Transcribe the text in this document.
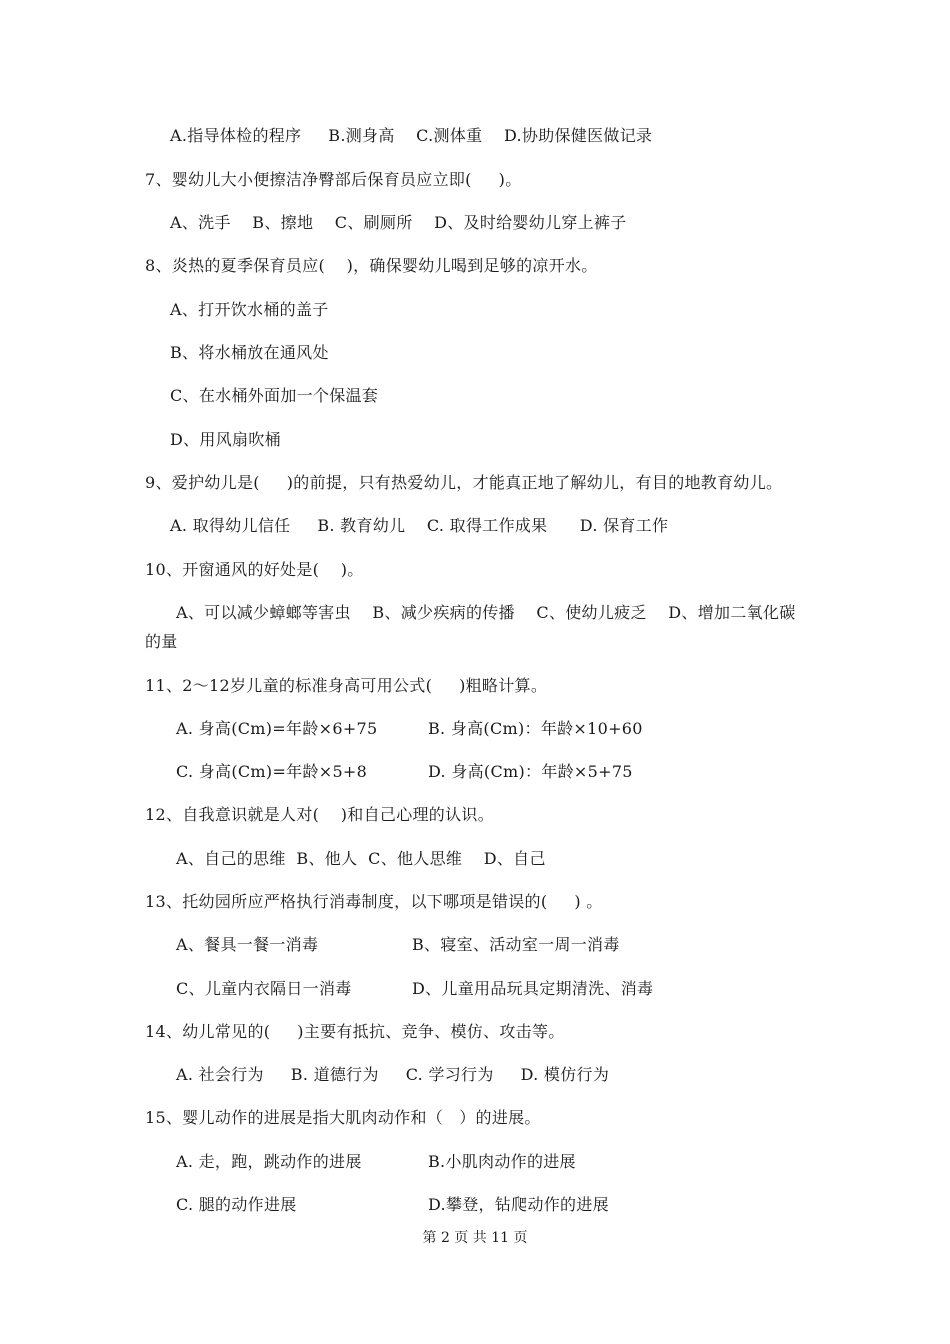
A.指导体检的程序     B.测身高    C.测体重    D.协助保健医做记录
7、婴幼儿大小便擦洁净臀部后保育员应立即(     )。
A、洗手    B、擦地    C、刷厕所    D、及时给婴幼儿穿上裤子
8、炎热的夏季保育员应(    )，确保婴幼儿喝到足够的凉开水。
A、打开饮水桶的盖子
B、将水桶放在通风处
C、在水桶外面加一个保温套
D、用风扇吹桶
9、爱护幼儿是(     )的前提，只有热爱幼儿，才能真正地了解幼儿，有目的地教育幼儿。
A. 取得幼儿信任     B. 教育幼儿    C. 取得工作成果      D. 保育工作
10、开窗通风的好处是(    )。
A、可以减少蟑螂等害虫    B、减少疾病的传播    C、使幼儿疲乏    D、增加二氧化碳
的量
11、2～12岁儿童的标准身高可用公式(     )粗略计算。
A. 身高(Cm)=年龄×6+75	B. 身高(Cm)：年龄×10+60
C. 身高(Cm)=年龄×5+8	D. 身高(Cm)：年龄×5+75
12、自我意识就是人对(    )和自己心理的认识。
A、自己的思维  B、他人  C、他人思维    D、自己
13、托幼园所应严格执行消毒制度，以下哪项是错误的(     ) 。
A、餐具一餐一消毒	B、寝室、活动室一周一消毒
C、儿童内衣隔日一消毒	D、儿童用品玩具定期清洗、消毒
14、幼儿常见的(     )主要有抵抗、竞争、模仿、攻击等。
A. 社会行为     B. 道德行为     C. 学习行为     D. 模仿行为
15、婴儿动作的进展是指大肌肉动作和（   ）的进展。
A. 走，跑，跳动作的进展	B.小肌肉动作的进展
C. 腿的动作进展	D.攀登，钻爬动作的进展
第 2 页 共 11 页
